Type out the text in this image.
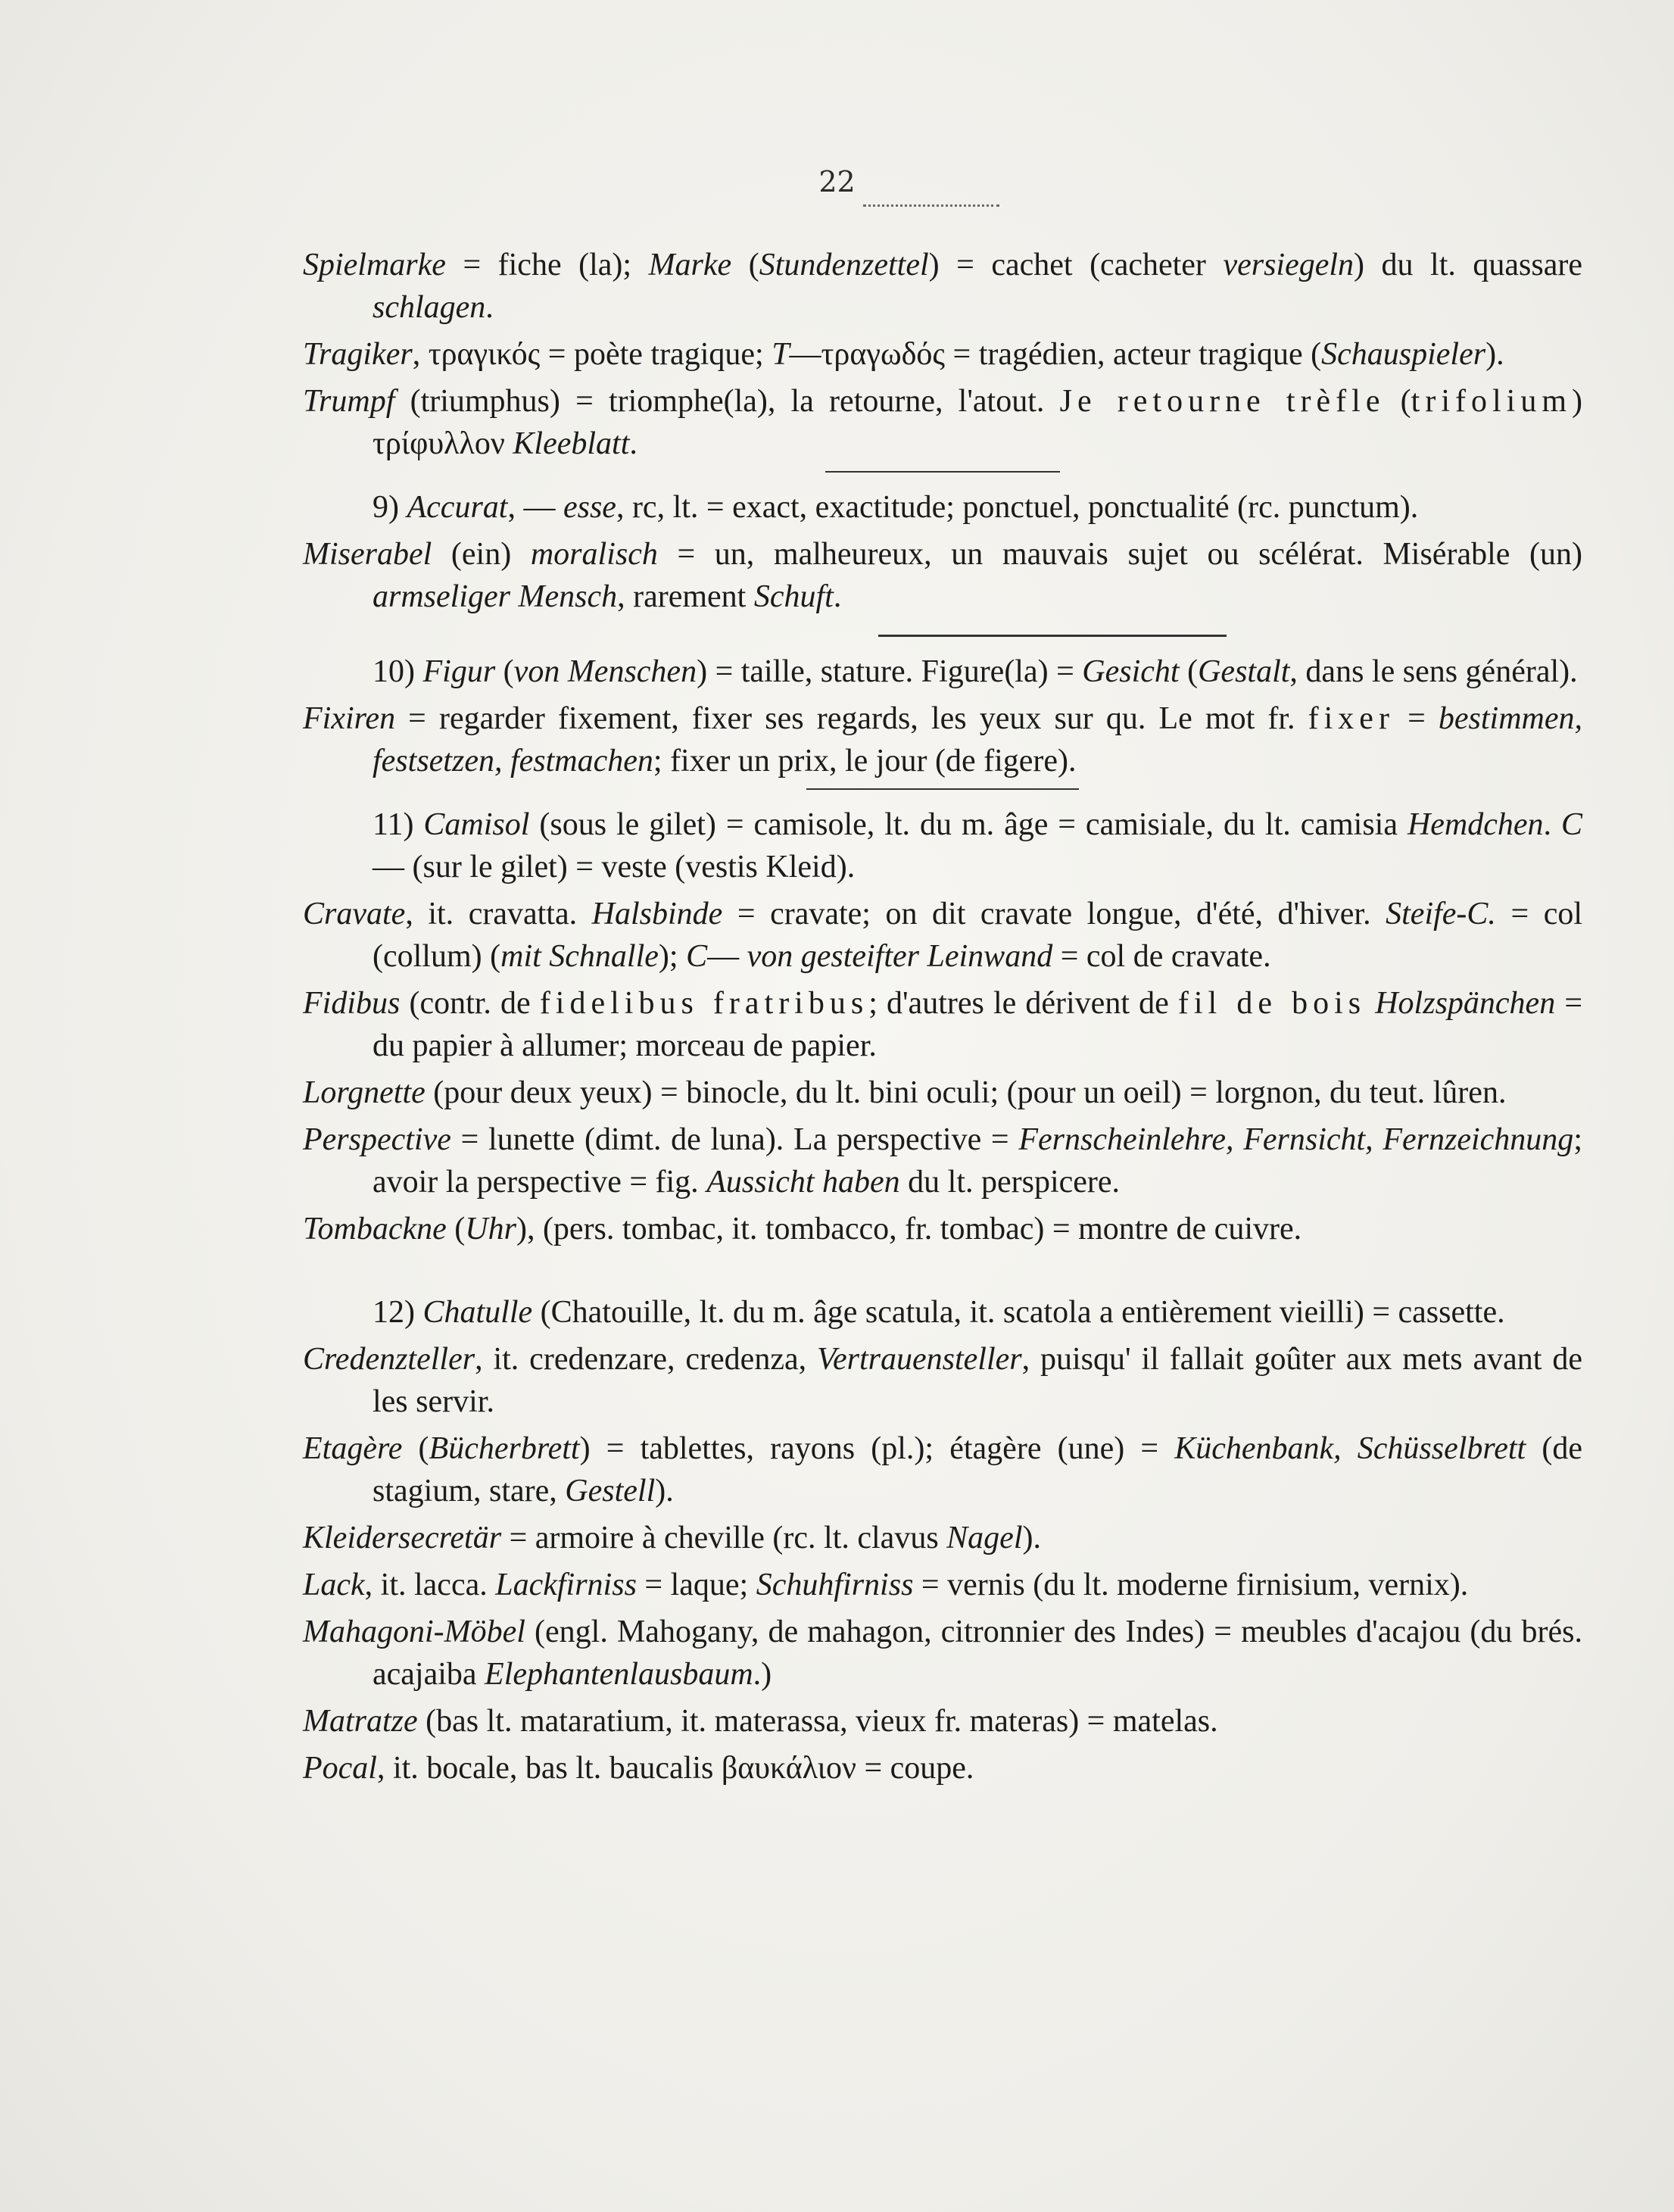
22

Spielmarke = fiche (la); Marke (Stundenzettel) = cachet (cacheter versiegeln) du lt. quassare schlagen.

Tragiker, τραγικός = poète tragique; T—τραγωδός = tragédien, acteur tragique (Schauspieler).

Trumpf (triumphus) = triomphe(la), la retourne, l'atout. Je retourne trèfle (trifolium) τρίφυλλον Kleeblatt.

9) Accurat, — esse, rc, lt. = exact, exactitude; ponctuel, ponctualité (rc. punctum).

Miserabel (ein) moralisch = un, malheureux, un mauvais sujet ou scélérat. Misérable (un) armseliger Mensch, rarement Schuft.

10) Figur (von Menschen) = taille, stature. Figure(la) = Gesicht (Gestalt, dans le sens général).

Fixiren = regarder fixement, fixer ses regards, les yeux sur qu. Le mot fr. fixer = bestimmen, festsetzen, festmachen; fixer un prix, le jour (de figere).

11) Camisol (sous le gilet) = camisole, lt. du m. âge = camisiale, du lt. camisia Hemdchen. C— (sur le gilet) = veste (vestis Kleid).

Cravate, it. cravatta. Halsbinde = cravate; on dit cravate longue, d'été, d'hiver. Steife-C. = col (collum) (mit Schnalle); C— von gesteifter Leinwand = col de cravate.

Fidibus (contr. de fidelibus fratribus; d'autres le dérivent de fil de bois Holzspänchen = du papier à allumer; morceau de papier.

Lorgnette (pour deux yeux) = binocle, du lt. bini oculi; (pour un oeil) = lorgnon, du teut. lûren.

Perspective = lunette (dimt. de luna). La perspective = Fernscheinlehre, Fernsicht, Fernzeichnung; avoir la perspective = fig. Aussicht haben du lt. perspicere.

Tombackne (Uhr), (pers. tombac, it. tombacco, fr. tombac) = montre de cuivre.

12) Chatulle (Chatouille, lt. du m. âge scatula, it. scatola a entièrement vieilli) = cassette.

Credenzteller, it. credenzare, credenza, Vertrauensteller, puisqu' il fallait goûter aux mets avant de les servir.

Etagère (Bücherbrett) = tablettes, rayons (pl.); étagère (une) = Küchenbank, Schüsselbrett (de stagium, stare, Gestell).

Kleidersecretär = armoire à cheville (rc. lt. clavus Nagel).

Lack, it. lacca. Lackfirniss = laque; Schuhfirniss = vernis (du lt. moderne firnisium, vernix).

Mahagoni-Möbel (engl. Mahogany, de mahagon, citronnier des Indes) = meubles d'acajou (du brés. acajaiba Elephantenlausbaum.)

Matratze (bas lt. mataratium, it. materassa, vieux fr. materas) = matelas.

Pocal, it. bocale, bas lt. baucalis βαυκάλιον = coupe.
